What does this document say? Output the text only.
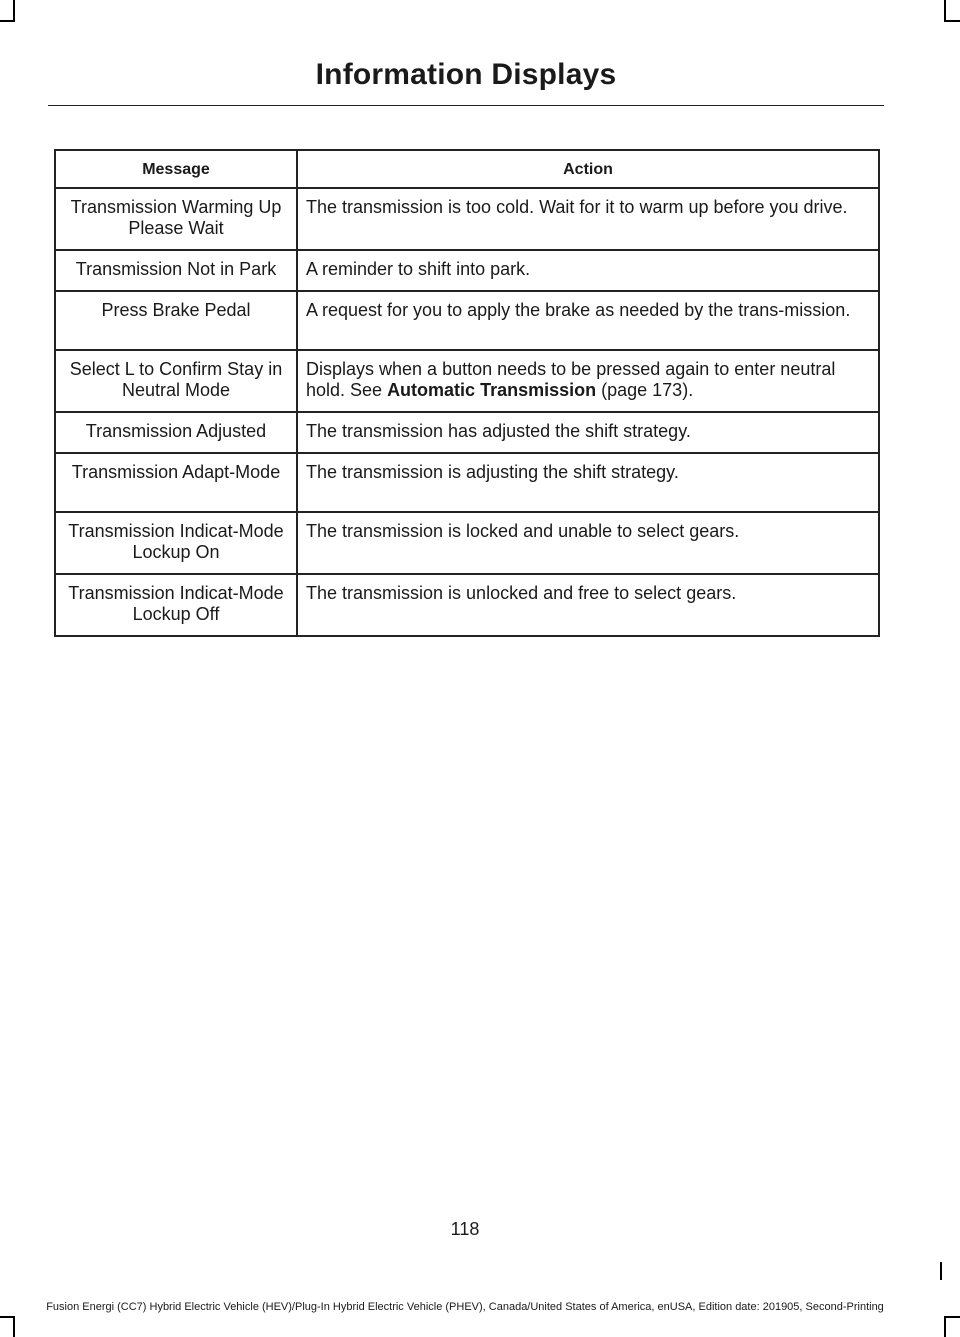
Information Displays
Message	Action
Transmission Warming Up Please Wait	The transmission is too cold. Wait for it to warm up before you drive.
Transmission Not in Park	A reminder to shift into park.
Press Brake Pedal	A request for you to apply the brake as needed by the trans-mission.
Select L to Confirm Stay in Neutral Mode	Displays when a button needs to be pressed again to enter neutral hold. See Automatic Transmission (page 173).
Transmission Adjusted	The transmission has adjusted the shift strategy.
Transmission Adapt-Mode	The transmission is adjusting the shift strategy.
Transmission Indicat-Mode Lockup On	The transmission is locked and unable to select gears.
Transmission Indicat-Mode Lockup Off	The transmission is unlocked and free to select gears.
118
Fusion Energi (CC7) Hybrid Electric Vehicle (HEV)/Plug-In Hybrid Electric Vehicle (PHEV), Canada/United States of America, enUSA, Edition date: 201905, Second-Printing
